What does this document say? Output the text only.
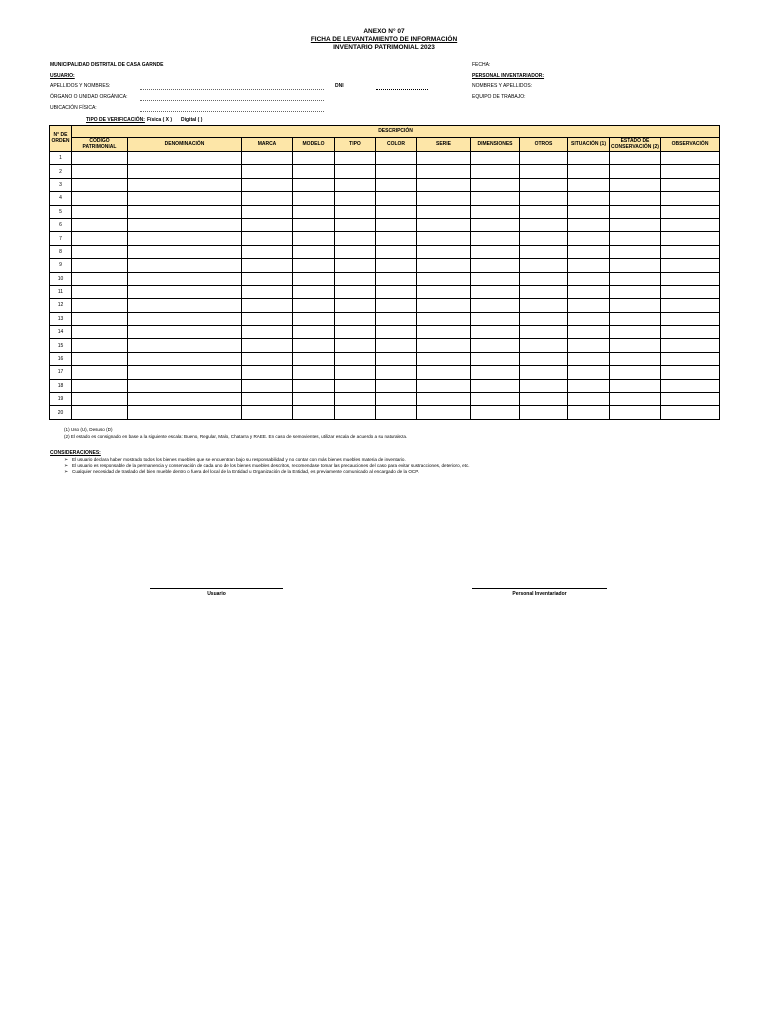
ANEXO N° 07
FICHA DE LEVANTAMIENTO DE INFORMACIÓN
INVENTARIO PATRIMONIAL 2023
MUNICIPALIDAD DISTRITAL DE CASA GARNDE
USUARIO:
APELLIDOS Y NOMBRES:	DNI
ÓRGANO O UNIDAD ORGÁNICA:
UBICACIÓN FÍSICA:
FECHA:
PERSONAL INVENTARIADOR:
NOMBRES Y APELLIDOS:
EQUIPO DE TRABAJO:
TIPO DE VERIFICACIÓN: Física ( X ) Digital ( )
N° DE ORDEN	DESCRIPCIÓN											
	CÓDIGO PATRIMONIAL	DENOMINACIÓN	MARCA	MODELO	TIPO	COLOR	SERIE	DIMENSIONES	OTROS	SITUACIÓN (1)	ESTADO DE CONSERVACIÓN (2)	OBSERVACIÓN
1												
2												
3												
4												
5												
6												
7												
8												
9												
10												
11												
12												
13												
14												
15												
16												
17												
18												
19												
20												
(1) Uso (U), Desuso (D)
(2) El estado es consignado en base a la siguiente escala: Bueno, Regular, Malo, Chatarra y RAEE. En caso de semovientes, utilizar escala de acuerdo a su naturaleza.
CONSIDERACIONES:
➢ El usuario declara haber mostrado todos los bienes muebles que se encuentran bajo su responsabilidad y no contar con más bienes muebles materia de inventario.
➢ El usuario es responsable de la permanencia y conservación de cada uno de los bienes muebles descritos, recomendase tomar las precauciones del caso para evitar sustracciones, deterioro, etc.
➢ Cualquier necesidad de traslado del bien mueble dentro o fuera del local de la Entidad u Organización de la Entidad, es previamente comunicado al encargado de la OCP.
Usuario	Personal Inventariador
